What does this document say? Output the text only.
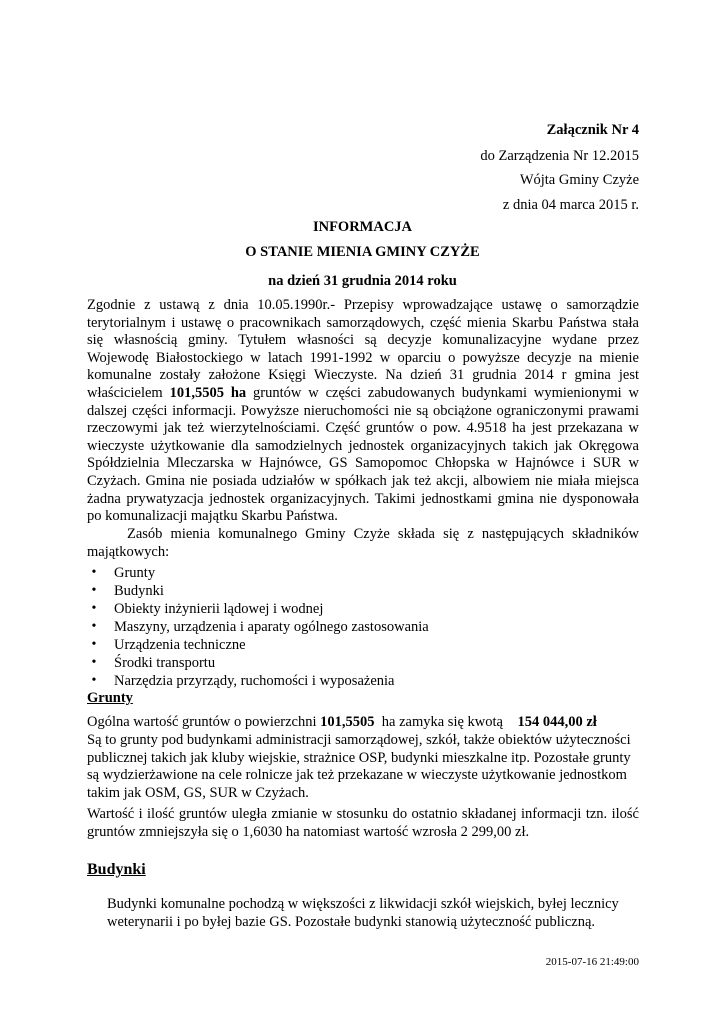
Załącznik Nr 4
do Zarządzenia Nr 12.2015
Wójta Gminy Czyże
z dnia 04 marca 2015 r.
INFORMACJA
O STANIE MIENIA GMINY CZYŻE
na dzień 31 grudnia 2014 roku
Zgodnie z ustawą z dnia 10.05.1990r.- Przepisy wprowadzające ustawę o samorządzie terytorialnym i ustawę o pracownikach samorządowych, część mienia Skarbu Państwa stała się własnością gminy. Tytułem własności są decyzje komunalizacyjne wydane przez Wojewodę Białostockiego w latach 1991-1992 w oparciu o powyższe decyzje na mienie komunalne zostały założone Księgi Wieczyste. Na dzień 31 grudnia 2014 r gmina jest właścicielem 101,5505 ha gruntów w części zabudowanych budynkami wymienionymi w dalszej części informacji. Powyższe nieruchomości nie są obciążone ograniczonymi prawami rzeczowymi jak też wierzytelnościami. Część gruntów o pow. 4.9518 ha jest przekazana w wieczyste użytkowanie dla samodzielnych jednostek organizacyjnych takich jak Okręgowa Spółdzielnia Mleczarska w Hajnówce, GS Samopomoc Chłopska w Hajnówce i SUR w Czyżach. Gmina nie posiada udziałów w spółkach jak też akcji, albowiem nie miała miejsca żadna prywatyzacja jednostek organizacyjnych. Takimi jednostkami gmina nie dysponowała po komunalizacji majątku Skarbu Państwa.
Zasób mienia komunalnego Gminy Czyże składa się z następujących składników majątkowych:
•	Grunty
•	Budynki
•	Obiekty inżynierii lądowej i wodnej
•	Maszyny, urządzenia i aparaty ogólnego zastosowania
•	Urządzenia techniczne
•	Środki transportu
•	Narzędzia przyrządy, ruchomości i wyposażenia
Grunty
Ogólna wartość gruntów o powierzchni 101,5505 ha zamyka się kwotą 154 044,00 zł
Są to grunty pod budynkami administracji samorządowej, szkół, także obiektów użyteczności publicznej takich jak kluby wiejskie, strażnice OSP, budynki mieszkalne itp. Pozostałe grunty są wydzierżawione na cele rolnicze jak też przekazane w wieczyste użytkowanie jednostkom takim jak OSM, GS, SUR w Czyżach.
Wartość i ilość gruntów uległa zmianie w stosunku do ostatnio składanej informacji tzn. ilość gruntów zmniejszyła się o 1,6030 ha natomiast wartość wzrosła 2 299,00 zł.
Budynki
Budynki komunalne pochodzą w większości z likwidacji szkół wiejskich, byłej lecznicy weterynarii i po byłej bazie GS. Pozostałe budynki stanowią użyteczność publiczną.
2015-07-16 21:49:00
